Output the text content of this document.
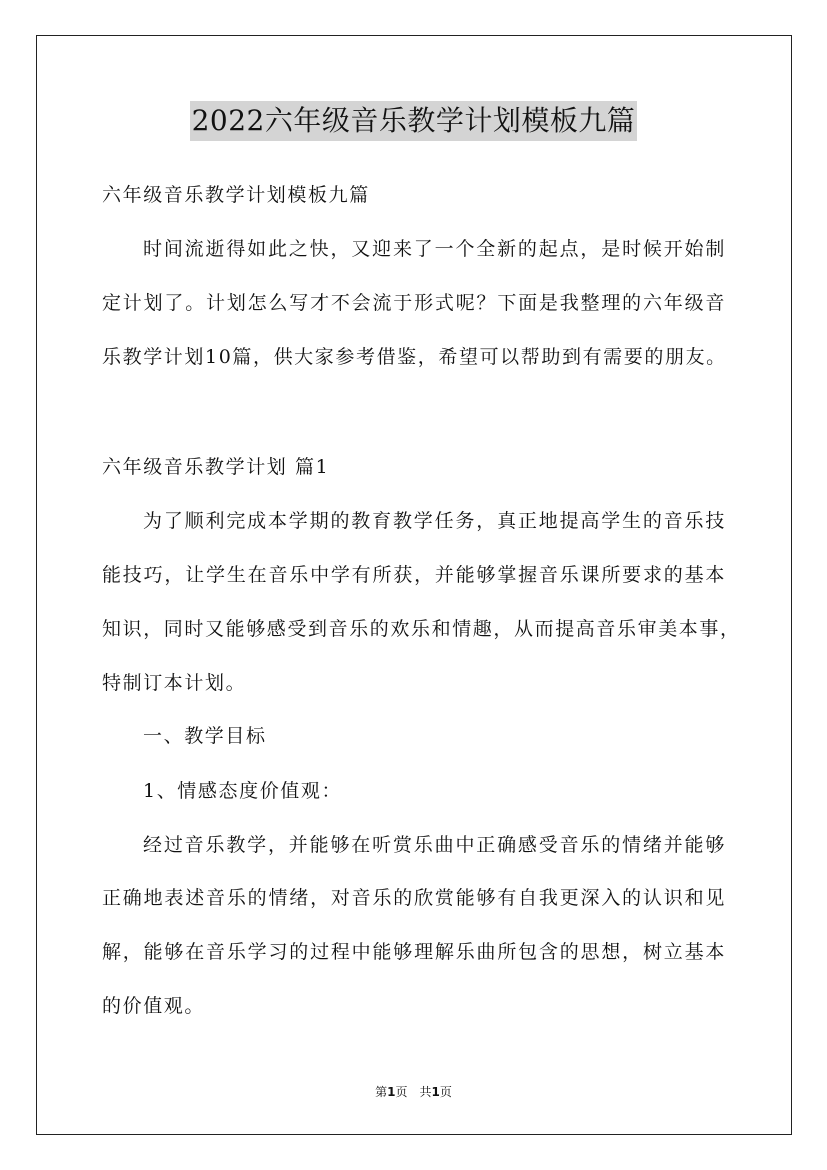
2022六年级音乐教学计划模板九篇
六年级音乐教学计划模板九篇
时间流逝得如此之快，又迎来了一个全新的起点，是时候开始制
定计划了。计划怎么写才不会流于形式呢？下面是我整理的六年级音
乐教学计划10篇，供大家参考借鉴，希望可以帮助到有需要的朋友。
六年级音乐教学计划 篇1
为了顺利完成本学期的教育教学任务，真正地提高学生的音乐技
能技巧，让学生在音乐中学有所获，并能够掌握音乐课所要求的基本
知识，同时又能够感受到音乐的欢乐和情趣，从而提高音乐审美本事，
特制订本计划。
一、教学目标
1、情感态度价值观：
经过音乐教学，并能够在听赏乐曲中正确感受音乐的情绪并能够
正确地表述音乐的情绪，对音乐的欣赏能够有自我更深入的认识和见
解，能够在音乐学习的过程中能够理解乐曲所包含的思想，树立基本
的价值观。
第1页　共1页
